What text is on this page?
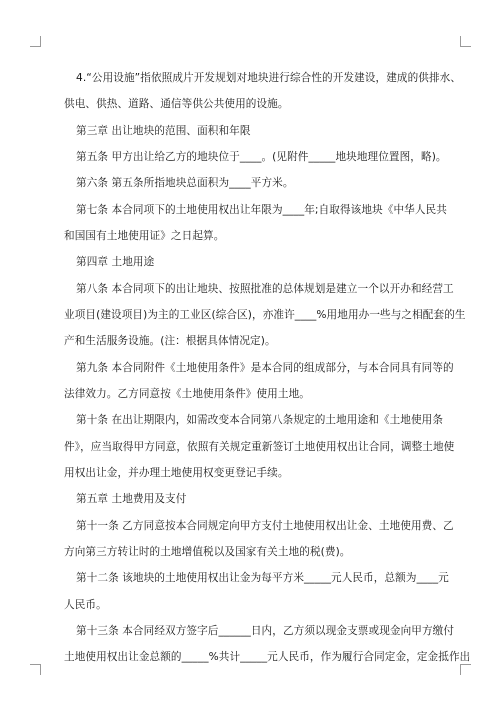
4.“公用设施”指依照成片开发规划对地块进行综合性的开发建设，建成的供排水、
供电、供热、道路、通信等供公共使用的设施。
第三章 出让地块的范围、面积和年限
第五条 甲方出让给乙方的地块位于____。(见附件_____地块地理位置图，略)。
第六条 第五条所指地块总面积为____平方米。
第七条 本合同项下的土地使用权出让年限为____年;自取得该地块《中华人民共
和国国有土地使用证》之日起算。
第四章 土地用途
第八条 本合同项下的出让地块、按照批准的总体规划是建立一个以开办和经营工
业项目(建设项目)为主的工业区(综合区)，亦准许____%用地用办一些与之相配套的生
产和生活服务设施。(注：根据具体情况定)。
第九条 本合同附件《土地使用条件》是本合同的组成部分，与本合同具有同等的
法律效力。乙方同意按《土地使用条件》使用土地。
第十条 在出让期限内，如需改变本合同第八条规定的土地用途和《土地使用条
件》，应当取得甲方同意，依照有关规定重新签订土地使用权出让合同，调整土地使
用权出让金，并办理土地使用权变更登记手续。
第五章 土地费用及支付
第十一条 乙方同意按本合同规定向甲方支付土地使用权出让金、土地使用费、乙
方向第三方转让时的土地增值税以及国家有关土地的税(费)。
第十二条 该地块的土地使用权出让金为每平方米_____元人民币，总额为____元
人民币。
第十三条 本合同经双方签字后______日内，乙方须以现金支票或现金向甲方缴付
土地使用权出让金总额的_____%共计_____元人民币，作为履行合同定金，定金抵作出
